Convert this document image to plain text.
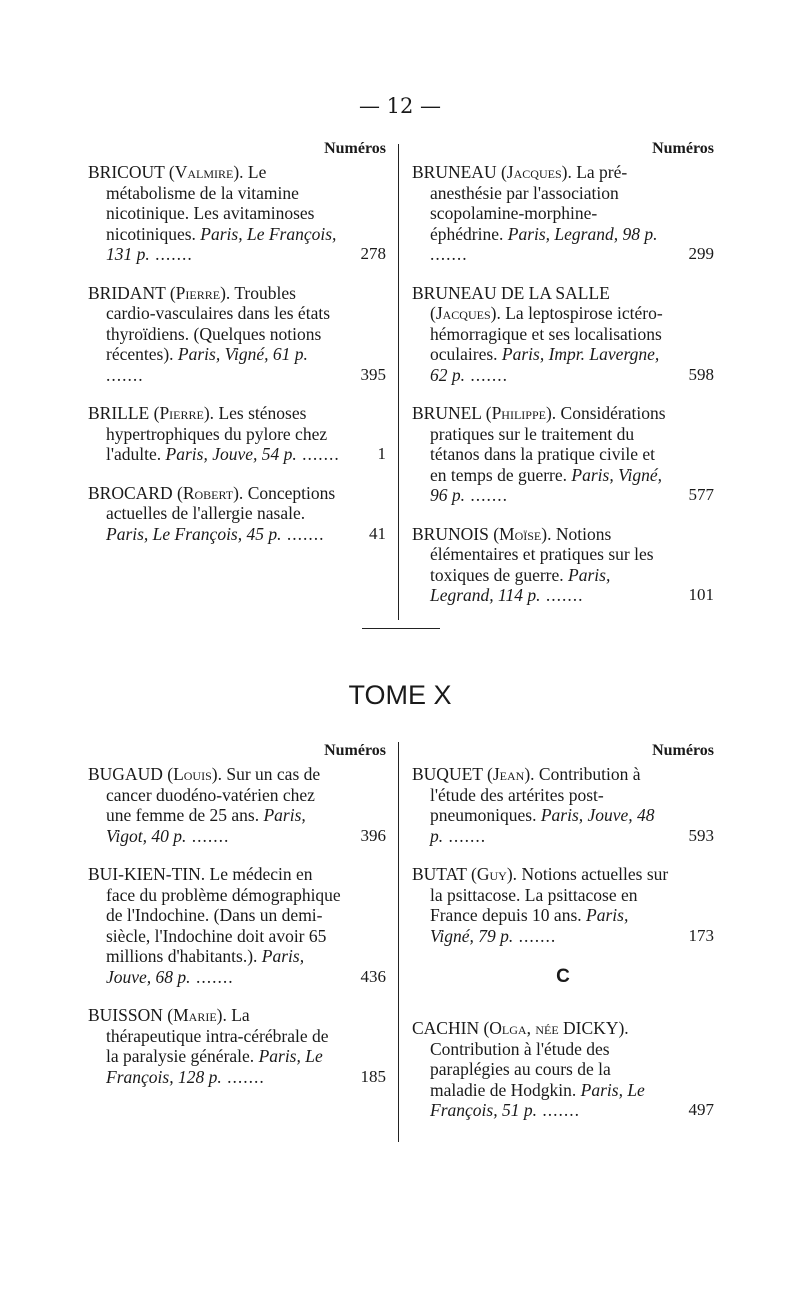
— 12 —
Numéros
BRICOUT (Valmire). Le métabolisme de la vitamine nicotinique. Les avitaminoses nicotiniques. Paris, Le François, 131 p. .......	278
BRIDANT (Pierre). Troubles cardio-vasculaires dans les états thyroïdiens. (Quelques notions récentes). Paris, Vigné, 61 p. .......	395
BRILLE (Pierre). Les sténoses hypertrophiques du pylore chez l'adulte. Paris, Jouve, 54 p. ....... 1
BROCARD (Robert). Conceptions actuelles de l'allergie nasale. Paris, Le François, 45 p. .......	41
Numéros
BRUNEAU (Jacques). La pré-anesthésie par l'association scopolamine-morphine-éphédrine. Paris, Legrand, 98 p. .......	299
BRUNEAU DE LA SALLE (Jacques). La leptospirose ictéro-hémorragique et ses localisations oculaires. Paris, Impr. Lavergne, 62 p. .......	598
BRUNEL (Philippe). Considérations pratiques sur le traitement du tétanos dans la pratique civile et en temps de guerre. Paris, Vigné, 96 p. .......	577
BRUNOIS (Moïse). Notions élémentaires et pratiques sur les toxiques de guerre. Paris, Legrand, 114 p. .......	101
TOME X
Numéros
BUGAUD (Louis). Sur un cas de cancer duodéno-vatérien chez une femme de 25 ans. Paris, Vigot, 40 p. .......	396
BUI-KIEN-TIN. Le médecin en face du problème démographique de l'Indochine. (Dans un demi-siècle, l'Indochine doit avoir 65 millions d'habitants.). Paris, Jouve, 68 p. .......	436
BUISSON (Marie). La thérapeutique intra-cérébrale de la paralysie générale. Paris, Le François, 128 p. .......	185
Numéros
BUQUET (Jean). Contribution à l'étude des artérites post-pneumoniques. Paris, Jouve, 48 p. .......	593
BUTAT (Guy). Notions actuelles sur la psittacose. La psittacose en France depuis 10 ans. Paris, Vigné, 79 p. .......	173
C
CACHIN (Olga, née DICKY). Contribution à l'étude des paraplégies au cours de la maladie de Hodgkin. Paris, Le François, 51 p. .......	497
